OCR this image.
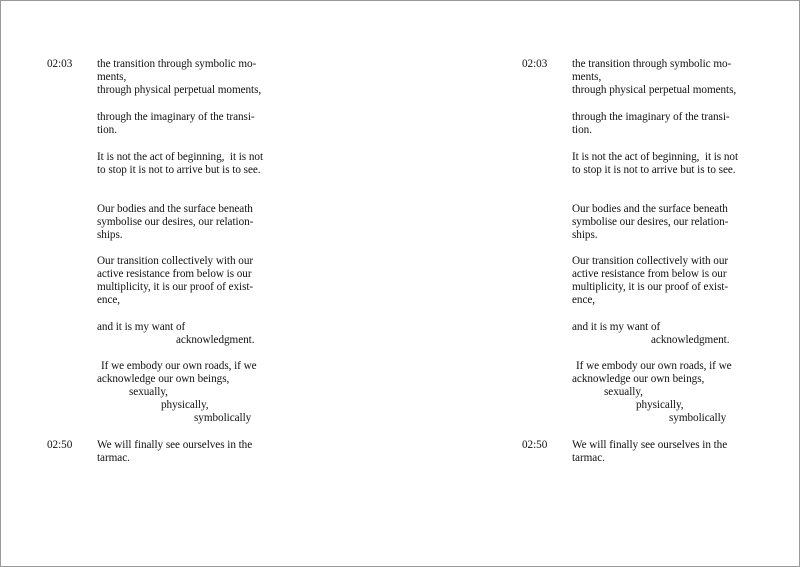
02:03
02:50
the transition through symbolic mo-
ments,
through physical perpetual moments,
through the imaginary of the transi-
tion.
It is not the act of beginning,  it is not
to stop it is not to arrive but is to see.
Our bodies and the surface beneath
symbolise our desires, our relation-
ships.
Our transition collectively with our
active resistance from below is our
multiplicity, it is our proof of exist-
ence,
and it is my want of
acknowledgment.
If we embody our own roads, if we
acknowledge our own beings,
sexually,
physically,
symbolically
We will finally see ourselves in the
tarmac.
02:03
02:50
the transition through symbolic mo-
ments,
through physical perpetual moments,
through the imaginary of the transi-
tion.
It is not the act of beginning,  it is not
to stop it is not to arrive but is to see.
Our bodies and the surface beneath
symbolise our desires, our relation-
ships.
Our transition collectively with our
active resistance from below is our
multiplicity, it is our proof of exist-
ence,
and it is my want of
acknowledgment.
If we embody our own roads, if we
acknowledge our own beings,
sexually,
physically,
symbolically
We will finally see ourselves in the
tarmac.
